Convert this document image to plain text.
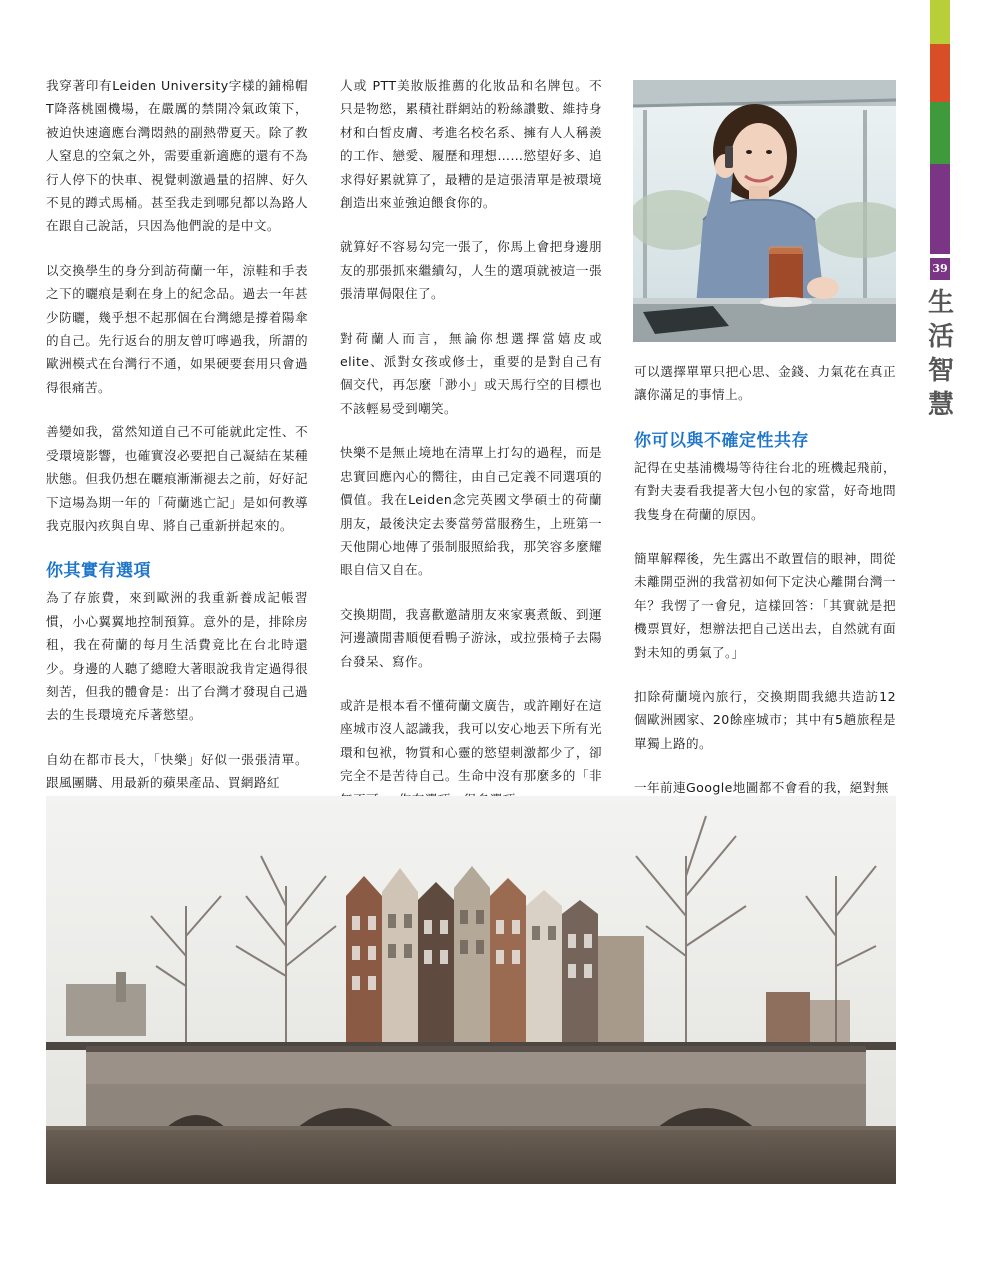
39
生
活
智
慧

我穿著印有Leiden University字樣的鋪棉帽T降落桃園機場，在嚴厲的禁開冷氣政策下，被迫快速適應台灣悶熱的副熱帶夏天。除了教人窒息的空氣之外，需要重新適應的還有不為行人停下的快車、視覺刺激過量的招牌、好久不見的蹲式馬桶。甚至我走到哪兒都以為路人在跟自己說話，只因為他們說的是中文。

以交換學生的身分到訪荷蘭一年，涼鞋和手表之下的曬痕是剩在身上的紀念品。過去一年甚少防曬，幾乎想不起那個在台灣總是撐着陽傘的自己。先行返台的朋友曾叮嚀過我，所謂的歐洲模式在台灣行不通，如果硬要套用只會過得很痛苦。

善變如我，當然知道自己不可能就此定性、不受環境影響，也確實沒必要把自己凝結在某種狀態。但我仍想在曬痕漸漸褪去之前，好好記下這場為期一年的「荷蘭逃亡記」是如何教導我克服內疚與自卑、將自己重新拼起來的。

你其實有選項

為了存旅費，來到歐洲的我重新養成記帳習慣，小心翼翼地控制預算。意外的是，排除房租，我在荷蘭的每月生活費竟比在台北時還少。身邊的人聽了總瞪大著眼說我肯定過得很刻苦，但我的體會是：出了台灣才發現自己過去的生長環境充斥著慾望。

自幼在都市長大，「快樂」好似一張張清單。跟風團購、用最新的蘋果產品、買網路紅

人或 PTT美妝版推薦的化妝品和名牌包。不只是物慾，累積社群網站的粉絲讚數、維持身材和白皙皮膚、考進名校名系、擁有人人稱羨的工作、戀愛、履歷和理想……慾望好多、追求得好累就算了，最糟的是這張清單是被環境創造出來並強迫餵食你的。

就算好不容易勾完一張了，你馬上會把身邊朋友的那張抓來繼續勾，人生的選項就被這一張張清單侷限住了。

對荷蘭人而言，無論你想選擇當嬉皮或elite、派對女孩或修士，重要的是對自己有個交代，再怎麼「渺小」或天馬行空的目標也不該輕易受到嘲笑。

快樂不是無止境地在清單上打勾的過程，而是忠實回應內心的嚮往，由自己定義不同選項的價值。我在Leiden念完英國文學碩士的荷蘭朋友，最後決定去麥當勞當服務生，上班第一天他開心地傳了張制服照給我，那笑容多麼耀眼自信又自在。

交換期間，我喜歡邀請朋友來家裏煮飯、到運河邊讀閒書順便看鴨子游泳，或拉張椅子去陽台發呆、寫作。

或許是根本看不懂荷蘭文廣告，或許剛好在這座城市沒人認識我，我可以安心地丟下所有光環和包袱，物質和心靈的慾望刺激都少了，卻完全不是苦待自己。生命中沒有那麼多的「非

可以選擇單單只把心思、金錢、力氣花在真正讓你滿足的事情上。

你可以與不確定性共存

記得在史基浦機場等待往台北的班機起飛前，有對夫妻看我提著大包小包的家當，好奇地問我隻身在荷蘭的原因。

簡單解釋後，先生露出不敢置信的眼神，問從未離開亞洲的我當初如何下定決心離開台灣一年？我愣了一會兒，這樣回答：「其實就是把機票買好，想辦法把自己送出去，自然就有面對未知的勇氣了。」

扣除荷蘭境內旅行，交換期間我總共造訪12個歐洲國家、20餘座城市；其中有5趟旅程是單獨上路的。

一年前連Google地圖都不會看的我，絕對無
